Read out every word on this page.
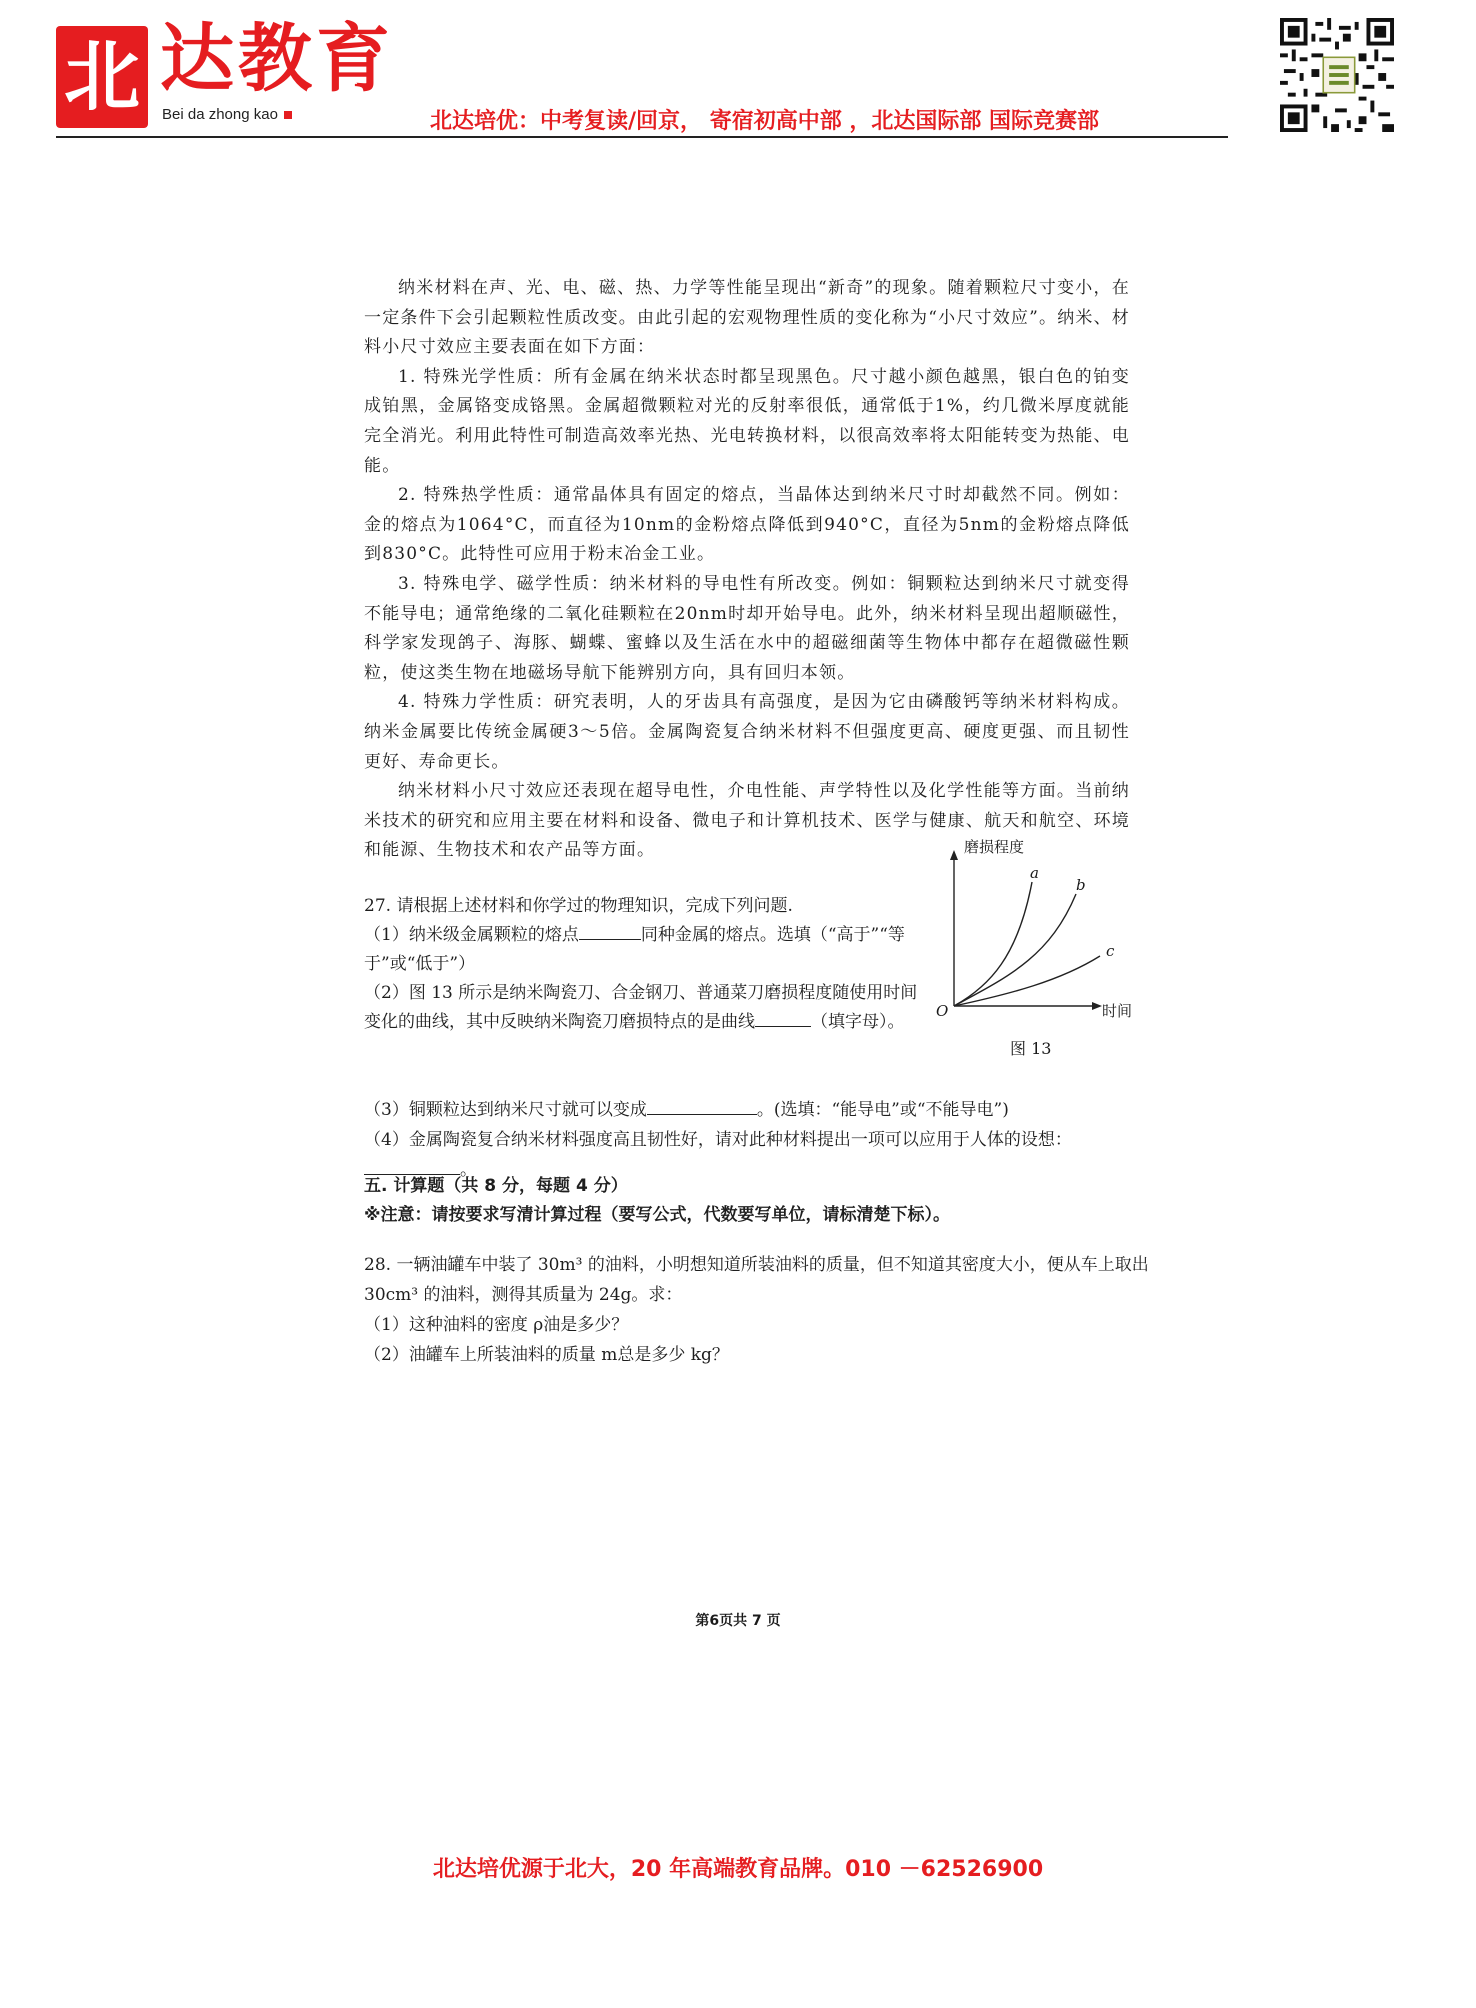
北 达教育
Bei da zhong kao	北达培优：中考复读/回京， 寄宿初高中部 ，北达国际部 国际竞赛部

纳米材料在声、光、电、磁、热、力学等性能呈现出“新奇”的现象。随着颗粒尺寸变小，在一定条件下会引起颗粒性质改变。由此引起的宏观物理性质的变化称为“小尺寸效应”。纳米、材料小尺寸效应主要表面在如下方面：

1. 特殊光学性质：所有金属在纳米状态时都呈现黑色。尺寸越小颜色越黑，银白色的铂变成铂黑，金属铬变成铬黑。金属超微颗粒对光的反射率很低，通常低于1%，约几微米厚度就能完全消光。利用此特性可制造高效率光热、光电转换材料，以很高效率将太阳能转变为热能、电能。

2. 特殊热学性质：通常晶体具有固定的熔点，当晶体达到纳米尺寸时却截然不同。例如：金的熔点为1064°C，而直径为10nm的金粉熔点降低到940°C，直径为5nm的金粉熔点降低到830°C。此特性可应用于粉末冶金工业。

3. 特殊电学、磁学性质：纳米材料的导电性有所改变。例如：铜颗粒达到纳米尺寸就变得不能导电；通常绝缘的二氧化硅颗粒在20nm时却开始导电。此外，纳米材料呈现出超顺磁性，科学家发现鸽子、海豚、蝴蝶、蜜蜂以及生活在水中的超磁细菌等生物体中都存在超微磁性颗粒，使这类生物在地磁场导航下能辨别方向，具有回归本领。

4. 特殊力学性质：研究表明，人的牙齿具有高强度，是因为它由磷酸钙等纳米材料构成。纳米金属要比传统金属硬3～5倍。金属陶瓷复合纳米材料不但强度更高、硬度更强、而且韧性更好、寿命更长。

纳米材料小尺寸效应还表现在超导电性，介电性能、声学特性以及化学性能等方面。当前纳米技术的研究和应用主要在材料和设备、微电子和计算机技术、医学与健康、航天和航空、环境和能源、生物技术和农产品等方面。

27. 请根据上述材料和你学过的物理知识，完成下列问题.

（1）纳米级金属颗粒的熔点	同种金属的熔点。选填（“高于”“等于”或“低于”）

（2）图 13 所示是纳米陶瓷刀、合金钢刀、普通菜刀磨损程度随使用时间变化的曲线，其中反映纳米陶瓷刀磨损特点的是曲线	（填字母）。

（3）铜颗粒达到纳米尺寸就可以变成	。(选填：“能导电”或“不能导电”)

（4）金属陶瓷复合纳米材料强度高且韧性好，请对此种材料提出一项可以应用于人体的设想：。

磨损程度
时间
O
a
b
c
图 13

五. 计算题（共 8 分，每题 4 分）

※注意：请按要求写清计算过程（要写公式，代数要写单位，请标清楚下标）。

28. 一辆油罐车中装了 30m³ 的油料，小明想知道所装油料的质量，但不知道其密度大小，便从车上取出 30cm³ 的油料，测得其质量为 24g。求：

（1）这种油料的密度 ρ油是多少？

（2）油罐车上所装油料的质量 m总是多少 kg？

第6页共 7 页
北达培优源于北大，20 年高端教育品牌。010 －62526900
